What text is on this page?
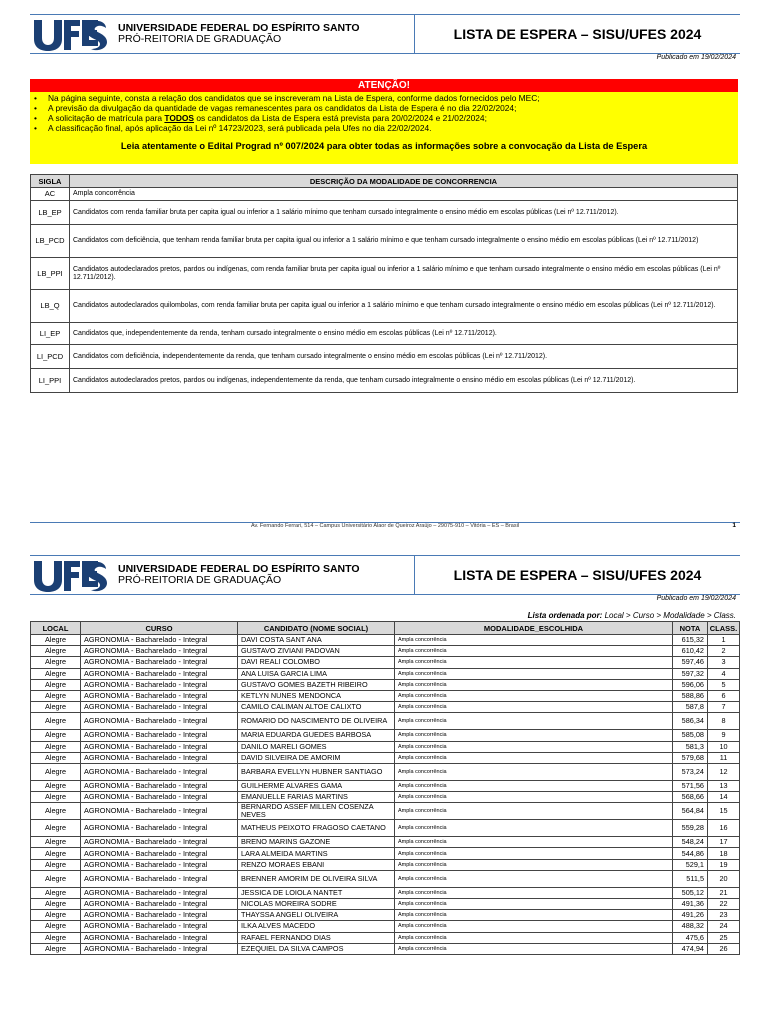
UNIVERSIDADE FEDERAL DO ESPÍRITO SANTO
PRÓ-REITORIA DE GRADUAÇÃO	LISTA DE ESPERA – SISU/UFES 2024
Publicado em 19/02/2024
ATENÇÃO!
• Na página seguinte, consta a relação dos candidatos que se inscreveram na Lista de Espera, conforme dados fornecidos pelo MEC;
• A previsão da divulgação da quantidade de vagas remanescentes para os candidatos da Lista de Espera é no dia 22/02/2024;
• A solicitação de matrícula para TODOS os candidatos da Lista de Espera está prevista para 20/02/2024 e 21/02/2024;
• A classificação final, após aplicação da Lei nº 14723/2023, será publicada pela Ufes no dia 22/02/2024.
Leia atentamente o Edital Prograd nº 007/2024 para obter todas as informações sobre a convocação da Lista de Espera
SIGLA	DESCRIÇÃO DA MODALIDADE DE CONCORRENCIA
AC	Ampla concorrência
LB_EP	Candidatos com renda familiar bruta per capita igual ou inferior a 1 salário mínimo que tenham cursado integralmente o ensino médio em escolas públicas (Lei nº 12.711/2012).
LB_PCD	Candidatos com deficiência, que tenham renda familiar bruta per capita igual ou inferior a 1 salário mínimo e que tenham cursado integralmente o ensino médio em escolas públicas (Lei nº 12.711/2012)
LB_PPI	Candidatos autodeclarados pretos, pardos ou indígenas, com renda familiar bruta per capita igual ou inferior a 1 salário mínimo e que tenham cursado integralmente o ensino médio em escolas públicas (Lei nº 12.711/2012).
LB_Q	Candidatos autodeclarados quilombolas, com renda familiar bruta per capita igual ou inferior a 1 salário mínimo e que tenham cursado integralmente o ensino médio em escolas públicas (Lei nº 12.711/2012).
LI_EP	Candidatos que, independentemente da renda, tenham cursado integralmente o ensino médio em escolas públicas (Lei nº 12.711/2012).
LI_PCD	Candidatos com deficiência, independentemente da renda, que tenham cursado integralmente o ensino médio em escolas públicas (Lei nº 12.711/2012).
LI_PPI	Candidatos autodeclarados pretos, pardos ou indígenas, independentemente da renda, que tenham cursado integralmente o ensino médio em escolas públicas (Lei nº 12.711/2012).
Av. Fernando Ferrari, 514 – Campus Universitário Alaor de Queiroz Araújo – 29075-910 – Vitória – ES – Brasil	1
UNIVERSIDADE FEDERAL DO ESPÍRITO SANTO
PRÓ-REITORIA DE GRADUAÇÃO	LISTA DE ESPERA – SISU/UFES 2024
Publicado em 19/02/2024
Lista ordenada por: Local > Curso > Modalidade > Class.
LOCAL	CURSO	CANDIDATO (NOME SOCIAL)	MODALIDADE_ESCOLHIDA	NOTA	CLASS.
Alegre	AGRONOMIA - Bacharelado - Integral	DAVI COSTA SANT ANA	Ampla concorrência	615,32	1
Alegre	AGRONOMIA - Bacharelado - Integral	GUSTAVO ZIVIANI PADOVAN	Ampla concorrência	610,42	2
Alegre	AGRONOMIA - Bacharelado - Integral	DAVI REALI COLOMBO	Ampla concorrência	597,46	3
Alegre	AGRONOMIA - Bacharelado - Integral	ANA LUISA GARCIA LIMA	Ampla concorrência	597,32	4
Alegre	AGRONOMIA - Bacharelado - Integral	GUSTAVO GOMES BAZETH RIBEIRO	Ampla concorrência	596,06	5
Alegre	AGRONOMIA - Bacharelado - Integral	KETLYN NUNES MENDONCA	Ampla concorrência	588,86	6
Alegre	AGRONOMIA - Bacharelado - Integral	CAMILO CALIMAN ALTOE CALIXTO	Ampla concorrência	587,8	7
Alegre	AGRONOMIA - Bacharelado - Integral	ROMARIO DO NASCIMENTO DE OLIVEIRA	Ampla concorrência	586,34	8
Alegre	AGRONOMIA - Bacharelado - Integral	MARIA EDUARDA GUEDES BARBOSA	Ampla concorrência	585,08	9
Alegre	AGRONOMIA - Bacharelado - Integral	DANILO MARELI GOMES	Ampla concorrência	581,3	10
Alegre	AGRONOMIA - Bacharelado - Integral	DAVID SILVEIRA DE AMORIM	Ampla concorrência	579,68	11
Alegre	AGRONOMIA - Bacharelado - Integral	BARBARA EVELLYN HUBNER SANTIAGO	Ampla concorrência	573,24	12
Alegre	AGRONOMIA - Bacharelado - Integral	GUILHERME ALVARES GAMA	Ampla concorrência	571,56	13
Alegre	AGRONOMIA - Bacharelado - Integral	EMANUELLE FARIAS MARTINS	Ampla concorrência	568,66	14
Alegre	AGRONOMIA - Bacharelado - Integral	BERNARDO ASSEF MILLEN COSENZA NEVES	Ampla concorrência	564,84	15
Alegre	AGRONOMIA - Bacharelado - Integral	MATHEUS PEIXOTO FRAGOSO CAETANO	Ampla concorrência	559,28	16
Alegre	AGRONOMIA - Bacharelado - Integral	BRENO MARINS GAZONE	Ampla concorrência	548,24	17
Alegre	AGRONOMIA - Bacharelado - Integral	LARA ALMEIDA MARTINS	Ampla concorrência	544,86	18
Alegre	AGRONOMIA - Bacharelado - Integral	RENZO MORAES EBANI	Ampla concorrência	529,1	19
Alegre	AGRONOMIA - Bacharelado - Integral	BRENNER AMORIM DE OLIVEIRA SILVA	Ampla concorrência	511,5	20
Alegre	AGRONOMIA - Bacharelado - Integral	JESSICA DE LOIOLA NANTET	Ampla concorrência	505,12	21
Alegre	AGRONOMIA - Bacharelado - Integral	NICOLAS MOREIRA SODRE	Ampla concorrência	491,36	22
Alegre	AGRONOMIA - Bacharelado - Integral	THAYSSA ANGELI OLIVEIRA	Ampla concorrência	491,26	23
Alegre	AGRONOMIA - Bacharelado - Integral	ILKA ALVES MACEDO	Ampla concorrência	488,32	24
Alegre	AGRONOMIA - Bacharelado - Integral	RAFAEL FERNANDO DIAS	Ampla concorrência	475,6	25
Alegre	AGRONOMIA - Bacharelado - Integral	EZEQUIEL DA SILVA CAMPOS	Ampla concorrência	474,94	26
